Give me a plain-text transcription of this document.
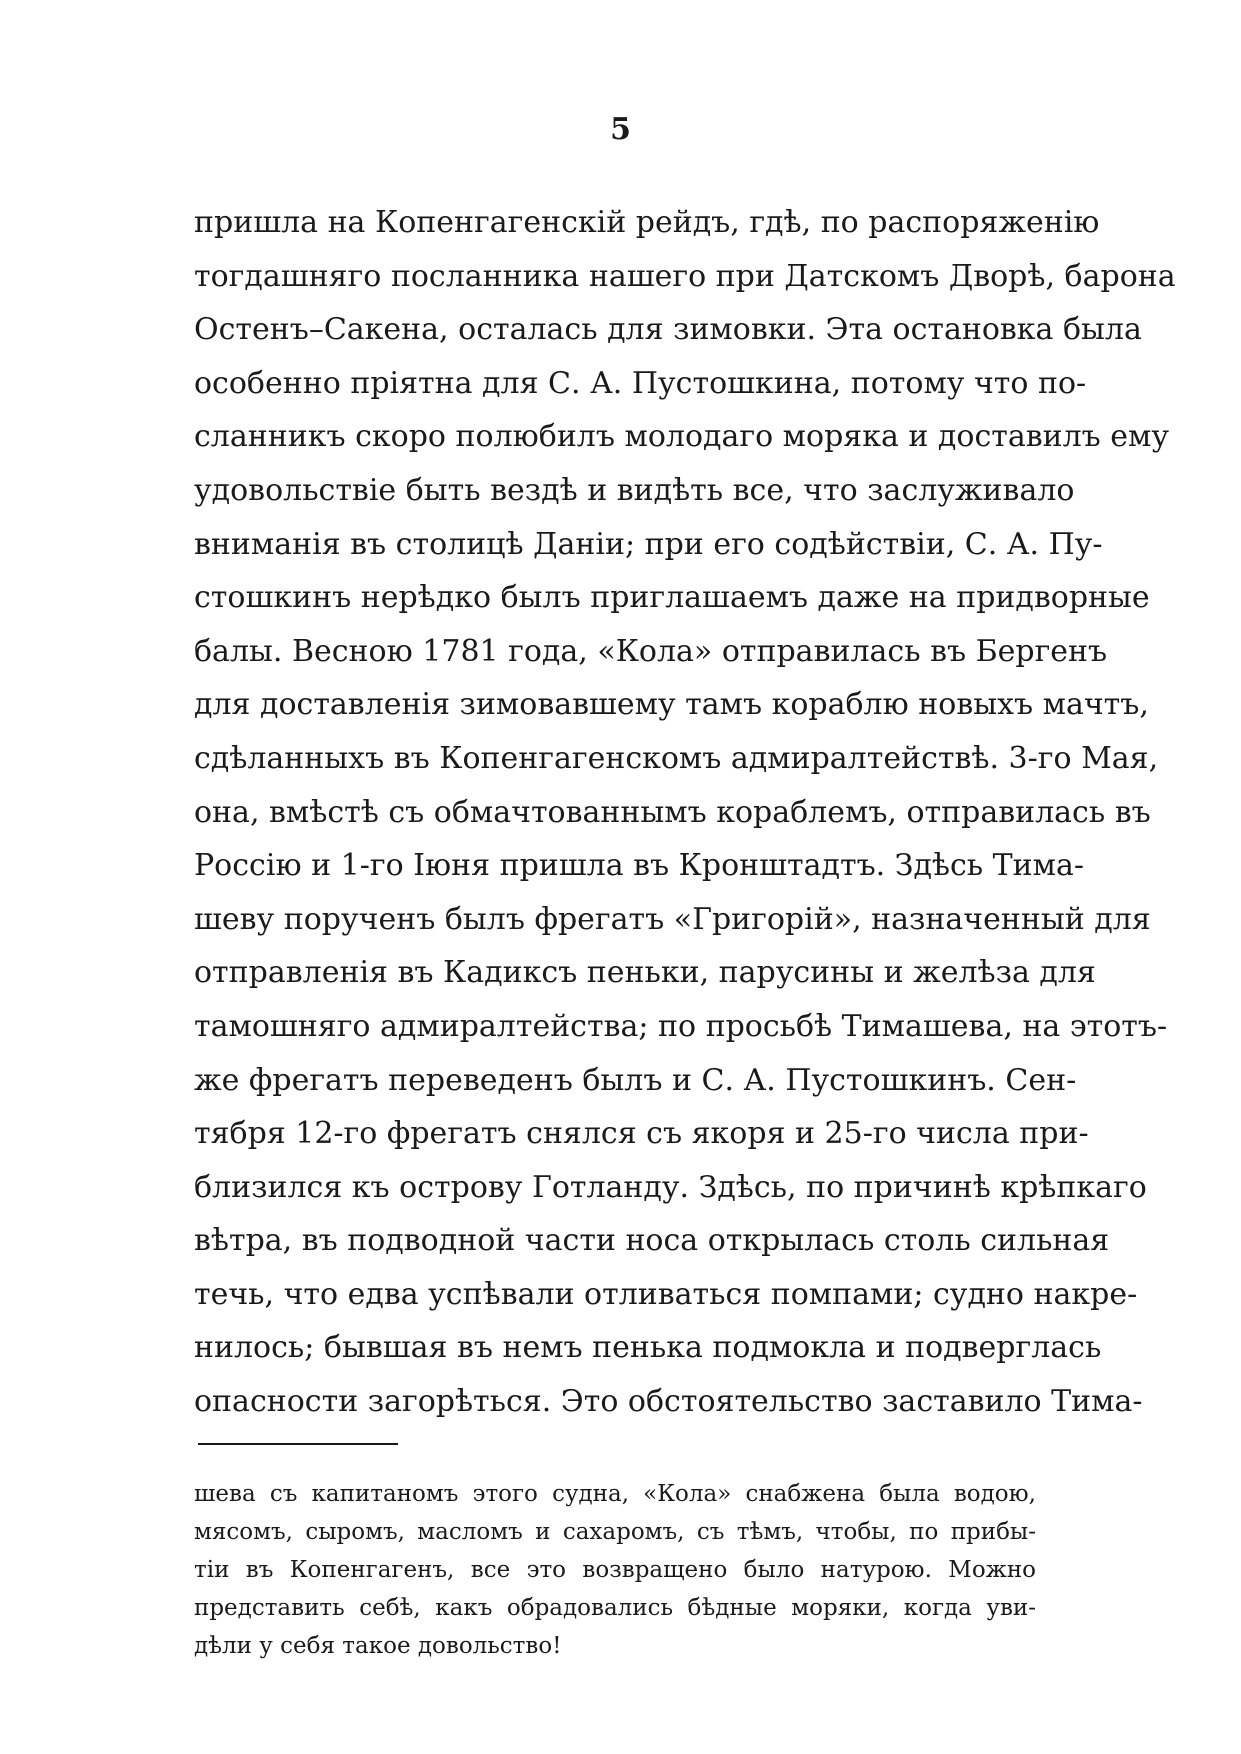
5
пришла на Копенгагенскій рейдъ, гдѣ, по распоряженію
тогдашняго посланника нашего при Датскомъ Дворѣ, барона
Остенъ–Сакена, осталась для зимовки. Эта остановка была
особенно пріятна для С. А. Пустошкина, потому что по-
сланникъ скоро полюбилъ молодаго моряка и доставилъ ему
удовольствіе быть вездѣ и видѣть все, что заслуживало
вниманія въ столицѣ Даніи; при его содѣйствіи, С. А. Пу-
стошкинъ нерѣдко былъ приглашаемъ даже на придворные
балы. Весною 1781 года, «Кола» отправилась въ Бергенъ
для доставленія зимовавшему тамъ кораблю новыхъ мачтъ,
сдѣланныхъ въ Копенгагенскомъ адмиралтействѣ. 3-го Мая,
она, вмѣстѣ съ обмачтованнымъ кораблемъ, отправилась въ
Россію и 1-го Іюня пришла въ Кронштадтъ. Здѣсь Тима-
шеву порученъ былъ фрегатъ «Григорій», назначенный для
отправленія въ Кадиксъ пеньки, парусины и желѣза для
тамошняго адмиралтейства; по просьбѣ Тимашева, на этотъ-
же фрегатъ переведенъ былъ и С. А. Пустошкинъ. Сен-
тября 12-го фрегатъ снялся съ якоря и 25-го числа при-
близился къ острову Готланду. Здѣсь, по причинѣ крѣпкаго
вѣтра, въ подводной части носа открылась столь сильная
течь, что едва успѣвали отливаться помпами; судно накре-
нилось; бывшая въ немъ пенька подмокла и подверглась
опасности загорѣться. Это обстоятельство заставило Тима-
шева съ капитаномъ этого судна, «Кола» снабжена была водою,
мясомъ, сыромъ, масломъ и сахаромъ, съ тѣмъ, чтобы, по прибы-
тіи въ Копенгагенъ, все это возвращено было натурою. Можно
представить себѣ, какъ обрадовались бѣдные моряки, когда уви-
дѣли у себя такое довольство!
